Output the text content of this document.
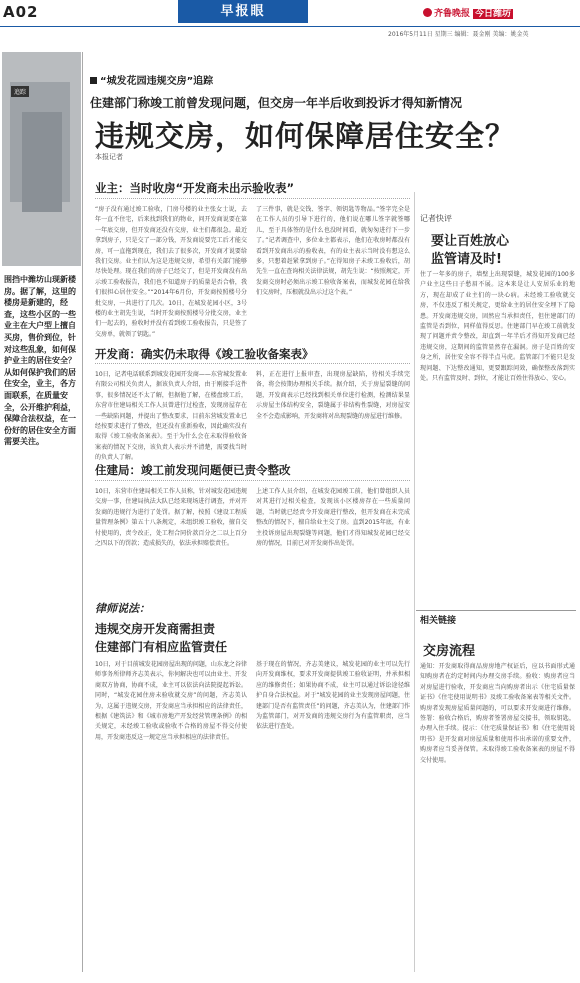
A02	早报眼	齐鲁晚报 今日潍坊
2016年5月11日 星期三 编辑：聂金刚 美编：姚金英
追踪
围挡中潍坊山现新楼房。据了解，这里的楼房是新建的，经查，这些小区的一些业主在大户型上擅自买房，售价到位，针对这些乱象，如何保护业主的居住安全？从如何保护我们的居住安全，业主，各方面联系，在质量安全，公开维护利益，保障合法权益，在一份好的居住安全方面需要关注。
“城发花园违规交房”追踪
住建部门称竣工前曾发现问题，但交房一年半后收到投诉才得知新情况
违规交房，如何保障居住安全？
本报记者
业主：当时收房“开发商未出示验收表”
“房子没有通过竣工验收，门房号楼的业主张女士说，去年一直不住宅，后来找到我们的物业，问开发商说要在第一年底交房，但开发商还没有交房，业主们都很急。最近拿到房子，只是交了一部分钱，开发商说要完工后才能交房，可一直拖到现在，我们去了很多次，开发商才说要给我们交房。业主们认为这是违规交房，希望有关部门能够尽快处理。现在我们的房子已经交了，但是开发商没有出示竣工验收报告，我们也不知道房子的质量是否合格，我们很担心居住安全。”“2014年6月份，开发商按照楼号分批交房，一共进行了几次。10日，在城发花园小区，3号楼的业主胡先生说，当时开发商按照楼号分批交房，业主们一起去的，验收时并没有看到竣工验收报告，只是签了交房单，就领了钥匙。”
了三件事，就是交钱、签字、领钥匙等物品。”签字完全是在工作人员的引导下进行的，他们说在哪儿签字就签哪儿，至于具体签的是什么也没时间看，就匆匆进行下一步了。”记者调查中，多位业主都表示，他们在收房时都没有看到开发商出示的验收表，有的业主表示当时没有想这么多，只想着赶紧拿到房子。”在得知房子未竣工验收后，胡先生一直在查询相关法律法规，胡先生说：“按照规定，开发商交房时必须出示竣工验收备案表，而城发花园在给我们交房时，压根就没出示过这个表。”
开发商：确实仍未取得《竣工验收备案表》
10日，记者电话联系到城发花园开发商——东营城发置业有限公司相关负责人，据该负责人介绍，由于刚接手这件事，很多情况还不太了解，但据他了解，在楼盘竣工后，东营市住建局相关工作人员曾进行过检查，发现房屋存在一些缺陷问题，并提出了整改要求，目前东营城发置业已经按要求进行了整改，但还没有重新验收，因此确实没有取得《竣工验收备案表》。至于为什么会在未取得验收备案表的情况下交房，该负责人表示并不清楚，需要找当时的负责人了解。
料，正在进行上报审查，出现房屋缺陷，待相关手续完备，将会按期办理相关手续。据介绍，关于房屋裂缝的问题，开发商表示已经找到相关单位进行检测，检测结果显示房屋主体结构安全，裂缝属于非结构性裂缝，对房屋安全不会造成影响，开发商将对出现裂缝的房屋进行维修。
住建局：竣工前发现问题便已责令整改
10日，东营市住建局相关工作人员称，针对城发花园违规交房一事，住建局执法大队已经来现场进行调查，并对开发商的违规行为进行了处罚。据了解，按照《建设工程质量管理条例》第五十八条规定，未组织竣工验收，擅自交付使用的，责令改正，处工程合同价款百分之二以上百分之四以下的罚款；造成损失的，依法承担赔偿责任。
上述工作人员介绍，在城发花园竣工前，他们曾组织人员对其进行过相关检查，发现该小区楼房存在一些质量问题，当时就已经责令开发商进行整改，但开发商在未完成整改的情况下，擅自给业主交了房。直到2015年底，有业主投诉房屋出现裂缝等问题，他们才得知城发花园已经交房的情况，目前已对开发商作出处罚。
律师说法：
违规交房开发商需担责
住建部门有相应监管责任
10日，对于目前城发花园房屋出现的问题，山东龙之谷律师事务所律师齐志美表示，你何解决也可以由业主、开发商双方协商，协商不成，业主可以依法向法院提起诉讼。同时，“城发花园住房未验收就交房”的问题，齐志美认为，这属于违规交房，开发商应当承担相应的法律责任，根据《建筑法》和《城市房地产开发经营管理条例》的相关规定，未经竣工验收或验收不合格的房屋不得交付使用，开发商违反这一规定应当承担相应的法律责任。
基于现在的情况，齐志美建议，城发花园的业主可以先行向开发商维权，要求开发商提供竣工验收证明，并承担相应的维修责任；如果协商不成，业主可以通过诉讼途径维护自身合法权益。对于“城发花园的业主发现房屋问题，住建部门是否有监管责任”的问题，齐志美认为，住建部门作为监管部门，对开发商的违规交房行为有监管职责，应当依法进行查处。
记者快评
要让百姓放心
监管请及时!
住了一年多的房子，墙壁上出现裂缝，城发花园的100多户业主这些日子愁眉不展。这本来是让人安居乐业的地方，现在却成了业主们的一块心病。未经竣工验收就交房，不仅违反了相关规定，更给业主的居住安全埋下了隐患。开发商违规交房，固然应当承担责任，但住建部门的监管是否到位，同样值得反思。住建部门早在竣工前就发现了问题并责令整改，却直到一年半后才得知开发商已经违规交房，这期间的监管显然存在漏洞。房子是百姓的安身之所，居住安全容不得半点马虎。监管部门不能只是发现问题、下达整改通知，更要跟踪问效，确保整改落到实处。只有监管及时、到位，才能让百姓住得放心、安心。
相关链接
交房流程
通知：开发商取得商品房房地产权证后，应以书面形式通知购房者在约定时间内办理交房手续。验收：购房者应当对房屋进行验收，开发商应当向购房者出示《住宅质量保证书》《住宅使用说明书》及竣工验收备案表等相关文件。购房者发现房屋质量问题的，可以要求开发商进行维修。签署：验收合格后，购房者签署房屋交接书，领取钥匙，办理入住手续。提示：《住宅质量保证书》和《住宅使用说明书》是开发商对房屋质量和使用作出承诺的重要文件，购房者应当妥善保管。未取得竣工验收备案表的房屋不得交付使用。
